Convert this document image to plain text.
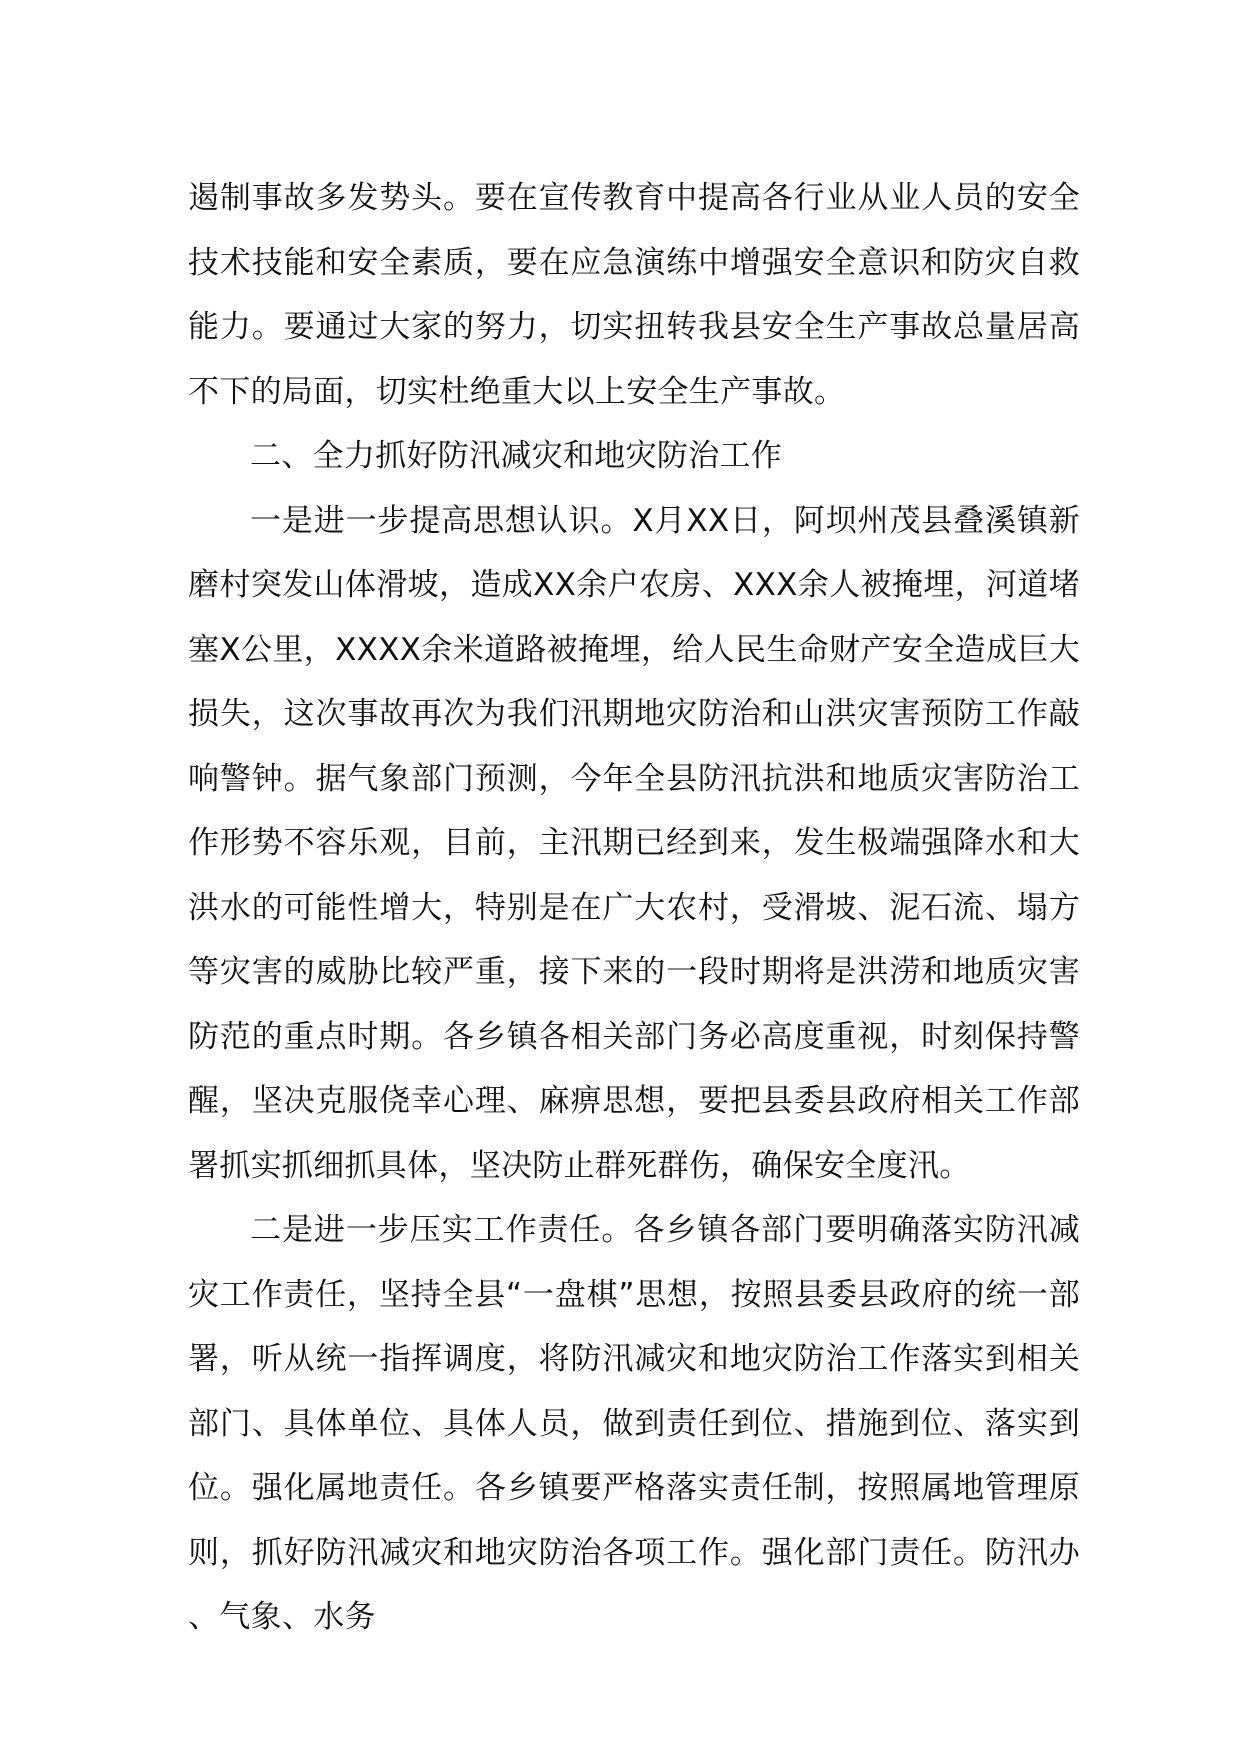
遏制事故多发势头。要在宣传教育中提高各行业从业人员的安全技术技能和安全素质，要在应急演练中增强安全意识和防灾自救能力。要通过大家的努力，切实扭转我县安全生产事故总量居高不下的局面，切实杜绝重大以上安全生产事故。

二、全力抓好防汛减灾和地灾防治工作

一是进一步提高思想认识。X月XX日，阿坝州茂县叠溪镇新磨村突发山体滑坡，造成XX余户农房、XXX余人被掩埋，河道堵塞X公里，XXXX余米道路被掩埋，给人民生命财产安全造成巨大损失，这次事故再次为我们汛期地灾防治和山洪灾害预防工作敲响警钟。据气象部门预测，今年全县防汛抗洪和地质灾害防治工作形势不容乐观，目前，主汛期已经到来，发生极端强降水和大洪水的可能性增大，特别是在广大农村，受滑坡、泥石流、塌方等灾害的威胁比较严重，接下来的一段时期将是洪涝和地质灾害防范的重点时期。各乡镇各相关部门务必高度重视，时刻保持警醒，坚决克服侥幸心理、麻痹思想，要把县委县政府相关工作部署抓实抓细抓具体，坚决防止群死群伤，确保安全度汛。

二是进一步压实工作责任。各乡镇各部门要明确落实防汛减灾工作责任，坚持全县“一盘棋”思想，按照县委县政府的统一部署，听从统一指挥调度，将防汛减灾和地灾防治工作落实到相关部门、具体单位、具体人员，做到责任到位、措施到位、落实到位。强化属地责任。各乡镇要严格落实责任制，按照属地管理原则，抓好防汛减灾和地灾防治各项工作。强化部门责任。防汛办、气象、水务
